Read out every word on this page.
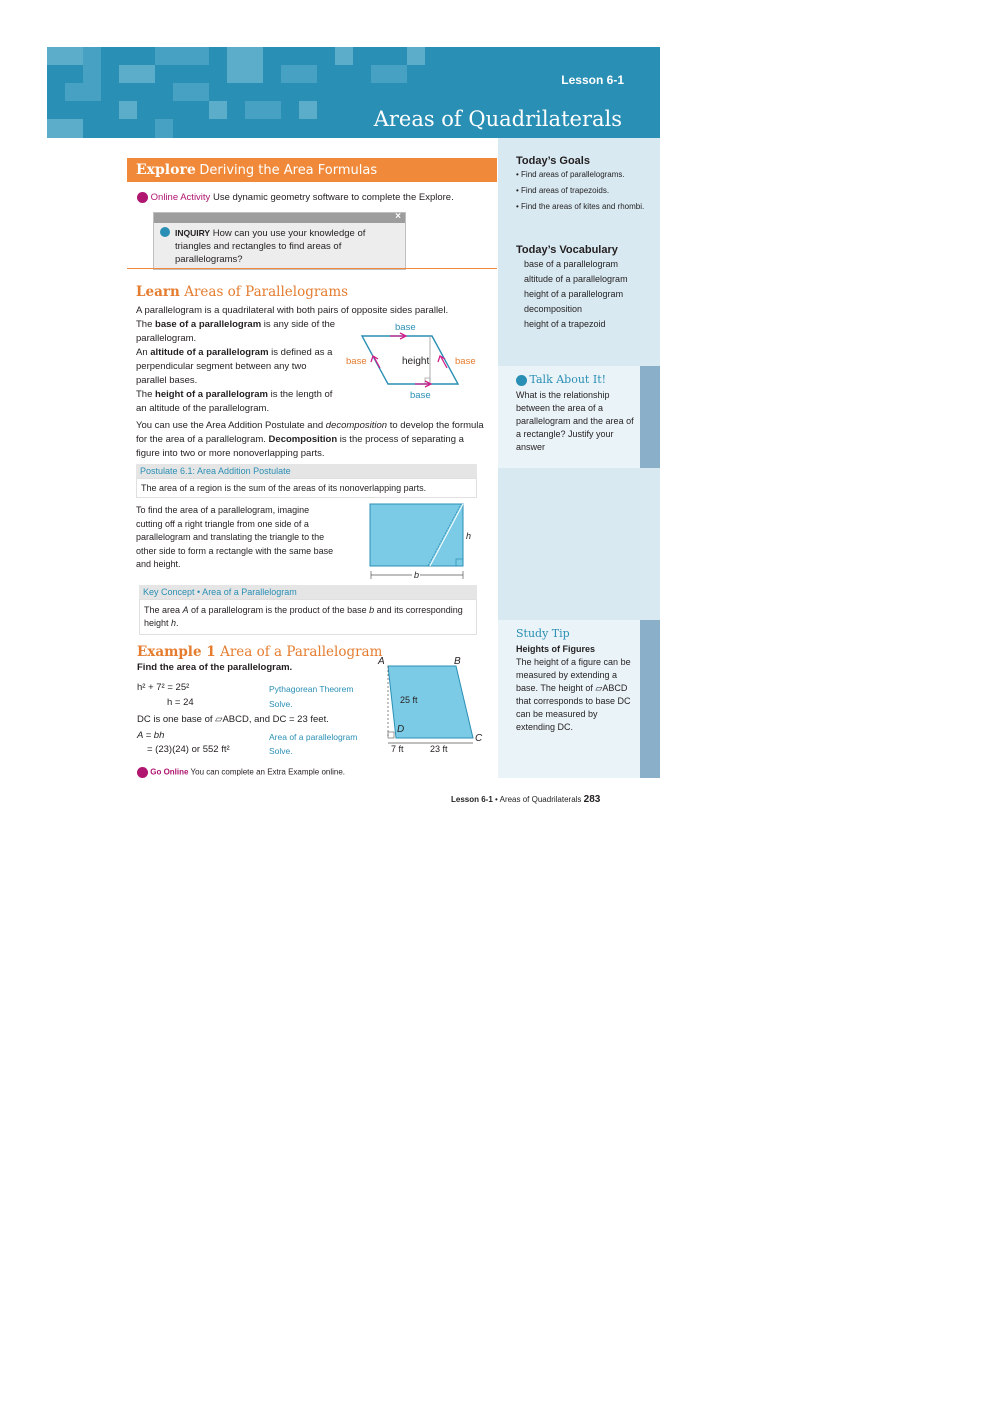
Lesson 6-1
Areas of Quadrilaterals
Today’s Goals
• Find areas of parallelograms.
• Find areas of trapezoids.
• Find the areas of kites and rhombi.
Today’s Vocabulary
base of a parallelogram
altitude of a parallelogram
height of a parallelogram
decomposition
height of a trapezoid
Talk About It!
What is the relationship between the area of a parallelogram and the area of a rectangle? Justify your answer
Study Tip
Heights of Figures
The height of a figure can be measured by extending a base. The height of ▱ABCD that corresponds to base DC can be measured by extending DC.
Explore Deriving the Area Formulas
Online Activity Use dynamic geometry software to complete the Explore.
×
INQUIRY How can you use your knowledge of triangles and rectangles to find areas of parallelograms?
Learn Areas of Parallelograms
A parallelogram is a quadrilateral with both pairs of opposite sides parallel.
The base of a parallelogram is any side of the parallelogram.
An altitude of a parallelogram is defined as a perpendicular segment between any two parallel bases.
The height of a parallelogram is the length of an altitude of the parallelogram.
base
base
base	base
height
You can use the Area Addition Postulate and decomposition to develop the formula for the area of a parallelogram. Decomposition is the process of separating a figure into two or more nonoverlapping parts.
Postulate 6.1: Area Addition Postulate
The area of a region is the sum of the areas of its nonoverlapping parts.
To find the area of a parallelogram, imagine cutting off a right triangle from one side of a parallelogram and translating the triangle to the other side to form a rectangle with the same base and height.
h
b
Key Concept • Area of a Parallelogram
The area A of a parallelogram is the product of the base b and its corresponding height h.
Example 1 Area of a Parallelogram
Find the area of the parallelogram.
h² + 7² = 25²	Pythagorean Theorem
h = 24	Solve.
DC is one base of ▱ABCD, and DC = 23 feet.
A = bh	Area of a parallelogram
= (23)(24) or 552 ft²	Solve.
A	B
C
D
25 ft
7 ft	23 ft
Go Online You can complete an Extra Example online.
Lesson 6-1 • Areas of Quadrilaterals 283
